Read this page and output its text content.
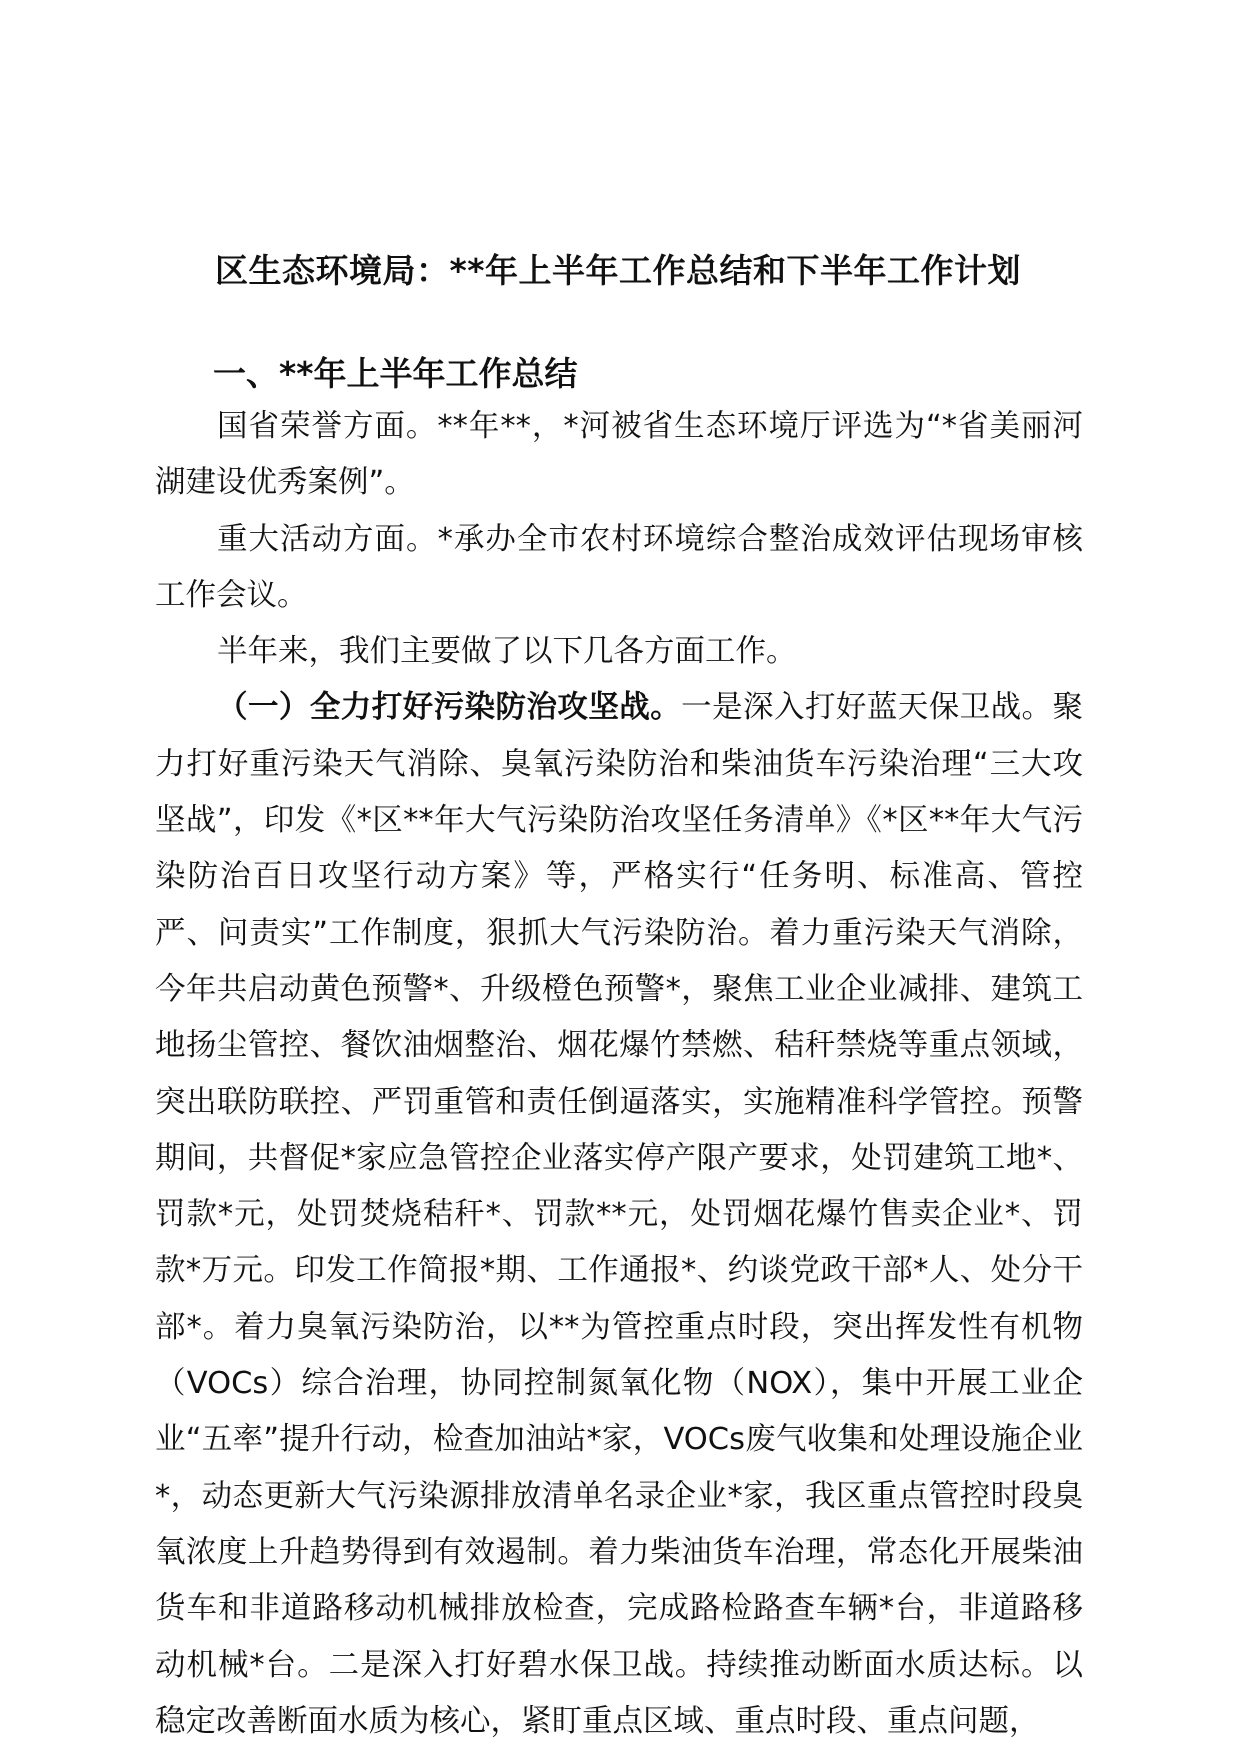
区生态环境局：**年上半年工作总结和下半年工作计划
一、**年上半年工作总结

国省荣誉方面。**年**，*河被省生态环境厅评选为“*省美丽河湖建设优秀案例”。

重大活动方面。*承办全市农村环境综合整治成效评估现场审核工作会议。

半年来，我们主要做了以下几各方面工作。

（一）全力打好污染防治攻坚战。一是深入打好蓝天保卫战。聚力打好重污染天气消除、臭氧污染防治和柴油货车污染治理“三大攻坚战”，印发《*区**年大气污染防治攻坚任务清单》《*区**年大气污染防治百日攻坚行动方案》等，严格实行“任务明、标准高、管控严、问责实”工作制度，狠抓大气污染防治。着力重污染天气消除，今年共启动黄色预警*、升级橙色预警*，聚焦工业企业减排、建筑工地扬尘管控、餐饮油烟整治、烟花爆竹禁燃、秸秆禁烧等重点领域，突出联防联控、严罚重管和责任倒逼落实，实施精准科学管控。预警期间，共督促*家应急管控企业落实停产限产要求，处罚建筑工地*、罚款*元，处罚焚烧秸秆*、罚款**元，处罚烟花爆竹售卖企业*、罚款*万元。印发工作简报*期、工作通报*、约谈党政干部*人、处分干部*。着力臭氧污染防治，以**为管控重点时段，突出挥发性有机物（VOCs）综合治理，协同控制氮氧化物（NOX），集中开展工业企业“五率”提升行动，检查加油站*家，VOCs废气收集和处理设施企业*，动态更新大气污染源排放清单名录企业*家，我区重点管控时段臭氧浓度上升趋势得到有效遏制。着力柴油货车治理，常态化开展柴油货车和非道路移动机械排放检查，完成路检路查车辆*台，非道路移动机械*台。二是深入打好碧水保卫战。持续推动断面水质达标。以稳定改善断面水质为核心，紧盯重点区域、重点时段、重点问题，
